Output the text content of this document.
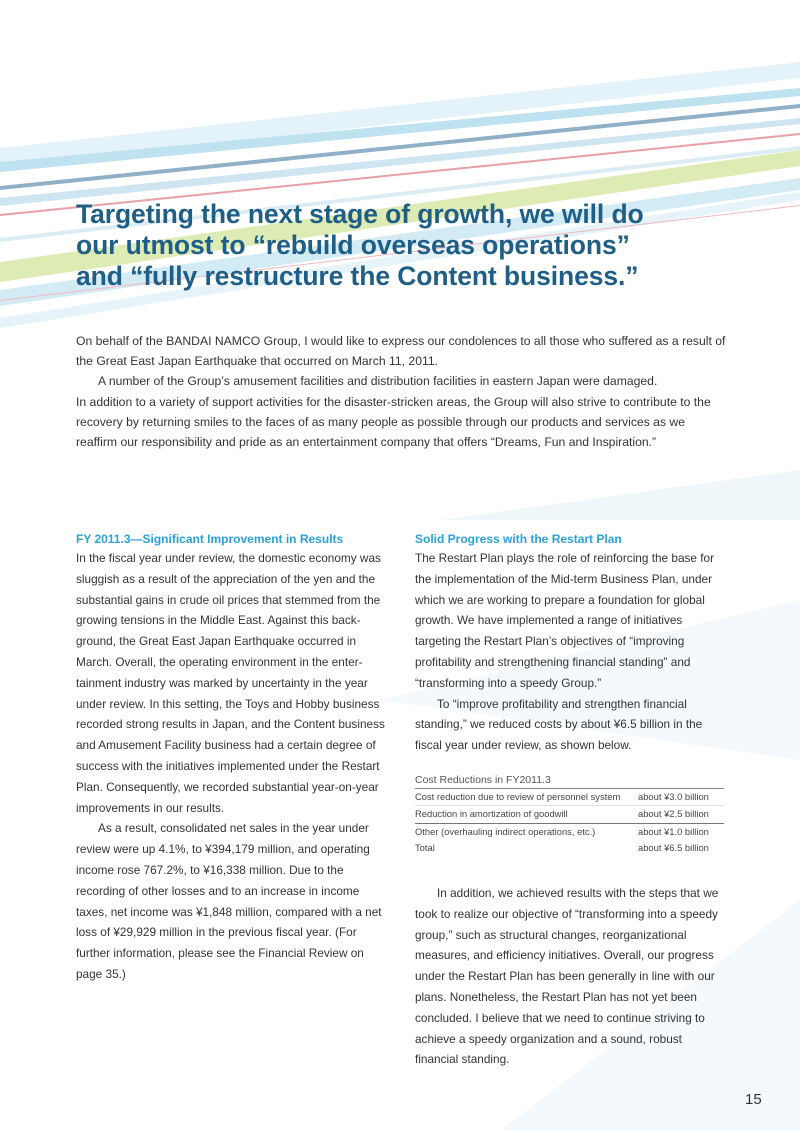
Targeting the next stage of growth, we will do
our utmost to “rebuild overseas operations”
and “fully restructure the Content business.”

On behalf of the BANDAI NAMCO Group, I would like to express our condolences to all those who suffered as a result of the Great East Japan Earthquake that occurred on March 11, 2011.

A number of the Group’s amusement facilities and distribution facilities in eastern Japan were damaged.

In addition to a variety of support activities for the disaster-stricken areas, the Group will also strive to contribute to the recovery by returning smiles to the faces of as many people as possible through our products and services as we reaffirm our responsibility and pride as an entertainment company that offers “Dreams, Fun and Inspiration.”

FY 2011.3—Significant Improvement in Results

In the fiscal year under review, the domestic economy was sluggish as a result of the appreciation of the yen and the substantial gains in crude oil prices that stemmed from the growing tensions in the Middle East. Against this back-ground, the Great East Japan Earthquake occurred in March. Overall, the operating environment in the enter-tainment industry was marked by uncertainty in the year under review. In this setting, the Toys and Hobby business recorded strong results in Japan, and the Content business and Amusement Facility business had a certain degree of success with the initiatives implemented under the Restart Plan. Consequently, we recorded substantial year-on-year improvements in our results.

As a result, consolidated net sales in the year under review were up 4.1%, to ¥394,179 million, and operating income rose 767.2%, to ¥16,338 million. Due to the recording of other losses and to an increase in income taxes, net income was ¥1,848 million, compared with a net loss of ¥29,929 million in the previous fiscal year. (For further information, please see the Financial Review on page 35.)

Solid Progress with the Restart Plan

The Restart Plan plays the role of reinforcing the base for the implementation of the Mid-term Business Plan, under which we are working to prepare a foundation for global growth. We have implemented a range of initiatives targeting the Restart Plan’s objectives of “improving profitability and strengthening financial standing” and “transforming into a speedy Group.”

To “improve profitability and strengthen financial standing,” we reduced costs by about ¥6.5 billion in the fiscal year under review, as shown below.

Cost Reductions in FY2011.3
Cost reduction due to review of personnel system about ¥3.0 billion
Reduction in amortization of goodwill	about ¥2.5 billion
Other (overhauling indirect operations, etc.)	about ¥1.0 billion
Total	about ¥6.5 billion

In addition, we achieved results with the steps that we took to realize our objective of “transforming into a speedy group,” such as structural changes, reorganizational measures, and efficiency initiatives. Overall, our progress under the Restart Plan has been generally in line with our plans. Nonetheless, the Restart Plan has not yet been concluded. I believe that we need to continue striving to achieve a speedy organization and a sound, robust financial standing.

15
